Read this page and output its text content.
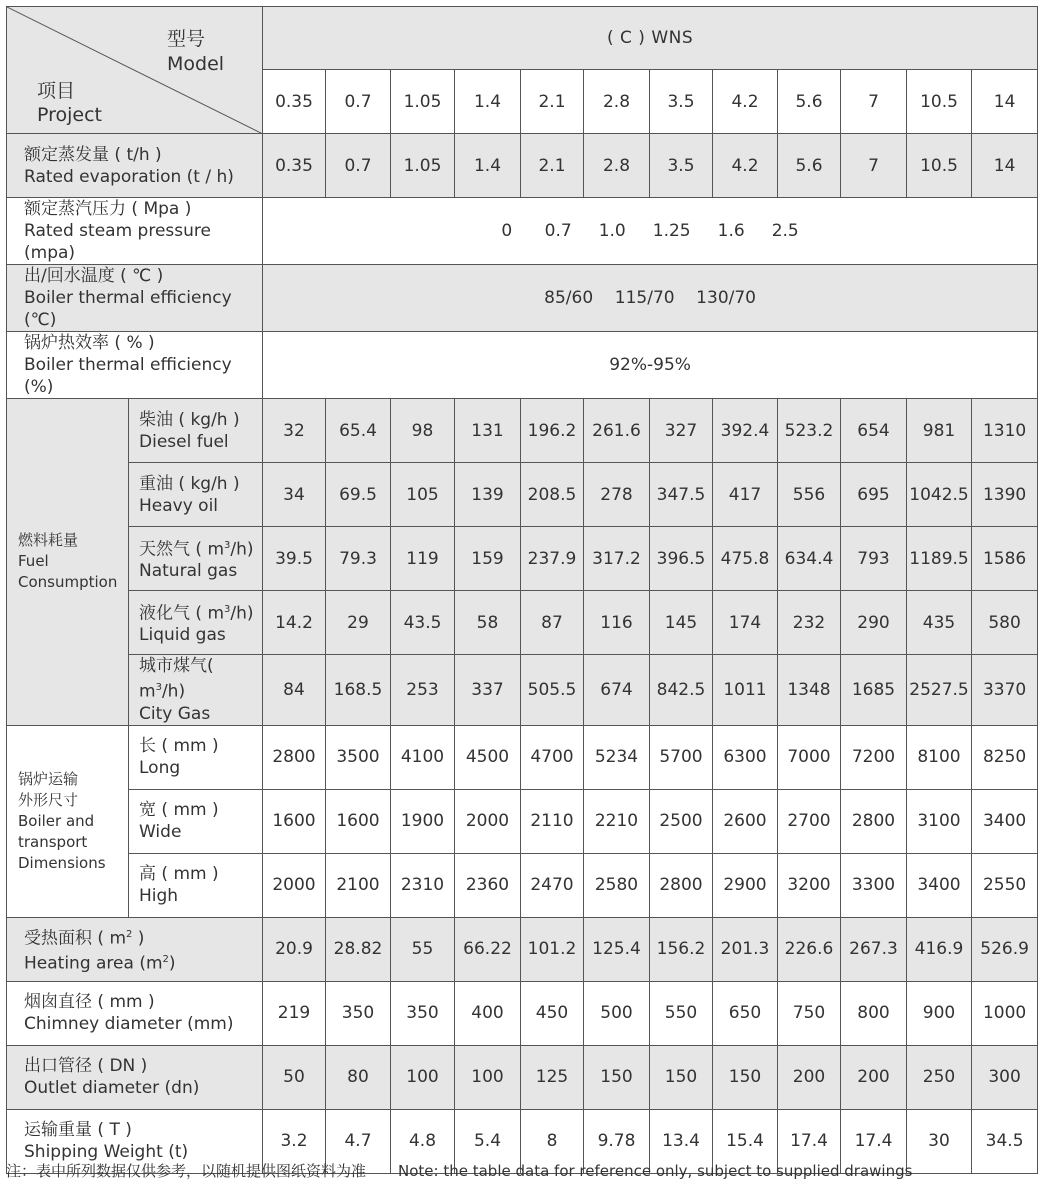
型号
Model
项目
Project		( C ) WNS											
		0.35	0.7	1.05	1.4	2.1	2.8	3.5	4.2	5.6	7	10.5	14
额定蒸发量 ( t/h )
Rated evaporation (t / h)		0.35	0.7	1.05	1.4	2.1	2.8	3.5	4.2	5.6	7	10.5	14
额定蒸汽压力 ( Mpa )
Rated steam pressure (mpa)		0      0.7     1.0     1.25     1.6     2.5											
出/回水温度 ( ℃ )
Boiler thermal efficiency (℃)		85/60    115/70    130/70											
锅炉热效率 ( % )
Boiler thermal efficiency (%)		92%-95%											
燃料耗量
Fuel
Consumption	柴油 ( kg/h )
Diesel fuel	32	65.4	98	131	196.2	261.6	327	392.4	523.2	654	981	1310
	重油 ( kg/h )
Heavy oil	34	69.5	105	139	208.5	278	347.5	417	556	695	1042.5	1390
	天然气 ( $m^3/h$)
Natural gas	39.5	79.3	119	159	237.9	317.2	396.5	475.8	634.4	793	1189.5	1586
	液化气 ( $m^3/h$)
Liquid gas	14.2	29	43.5	58	87	116	145	174	232	290	435	580
	城市煤气( $m^3/h$)
City Gas	84	168.5	253	337	505.5	674	842.5	1011	1348	1685	2527.5	3370
锅炉运输
外形尺寸
Boiler and
transport
Dimensions	长 ( mm )
Long	2800	3500	4100	4500	4700	5234	5700	6300	7000	7200	8100	8250
	宽 ( mm )
Wide	1600	1600	1900	2000	2110	2210	2500	2600	2700	2800	3100	3400
	高 ( mm )
High	2000	2100	2310	2360	2470	2580	2800	2900	3200	3300	3400	2550
受热面积 ( $m^2$ )
Heating area $(m^2)$		20.9	28.82	55	66.22	101.2	125.4	156.2	201.3	226.6	267.3	416.9	526.9
烟囱直径 ( mm )
Chimney diameter (mm)		219	350	350	400	450	500	550	650	750	800	900	1000
出口管径 ( DN )
Outlet diameter (dn)		50	80	100	100	125	150	150	150	200	200	250	300
运输重量 ( T )
Shipping Weight (t)		3.2	4.7	4.8	5.4	8	9.78	13.4	15.4	17.4	17.4	30	34.5
注：表中所列数据仅供参考，以随机提供图纸资料为准 Note: the table data for reference only, subject to supplied drawings
